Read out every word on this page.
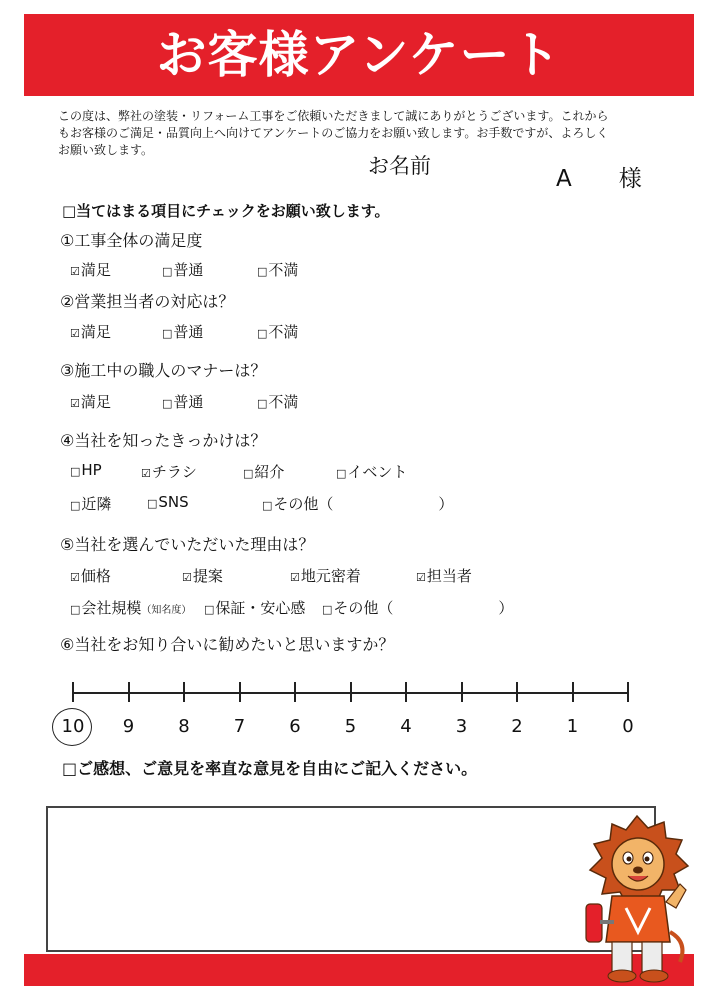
お客様アンケート
この度は、弊社の塗装・リフォーム工事をご依頼いただきまして誠にありがとうございます。これからもお客様のご満足・品質向上へ向けてアンケートのご協力をお願い致します。お手数ですが、よろしくお願い致します。
お名前	A　様
□当てはまる項目にチェックをお願い致します。
①工事全体の満足度
☑満足	□普通	□不満
②営業担当者の対応は？
☑満足	□普通	□不満
③施工中の職人のマナーは？
☑満足	□普通	□不満
④当社を知ったきっかけは？
□HP	☑チラシ	□紹介	□イベント
□近隣	□SNS	□その他（　　　　　　　）
⑤当社を選んでいただいた理由は？
☑価格	☑提案	☑地元密着	☑担当者
□会社規模（知名度） □保証・安心感 □その他（　　　　　　　）
⑥当社をお知り合いに勧めたいと思いますか？
10	9	8	7	6	5	4	3	2	1	0
□ご感想、ご意見を率直な意見を自由にご記入ください。
